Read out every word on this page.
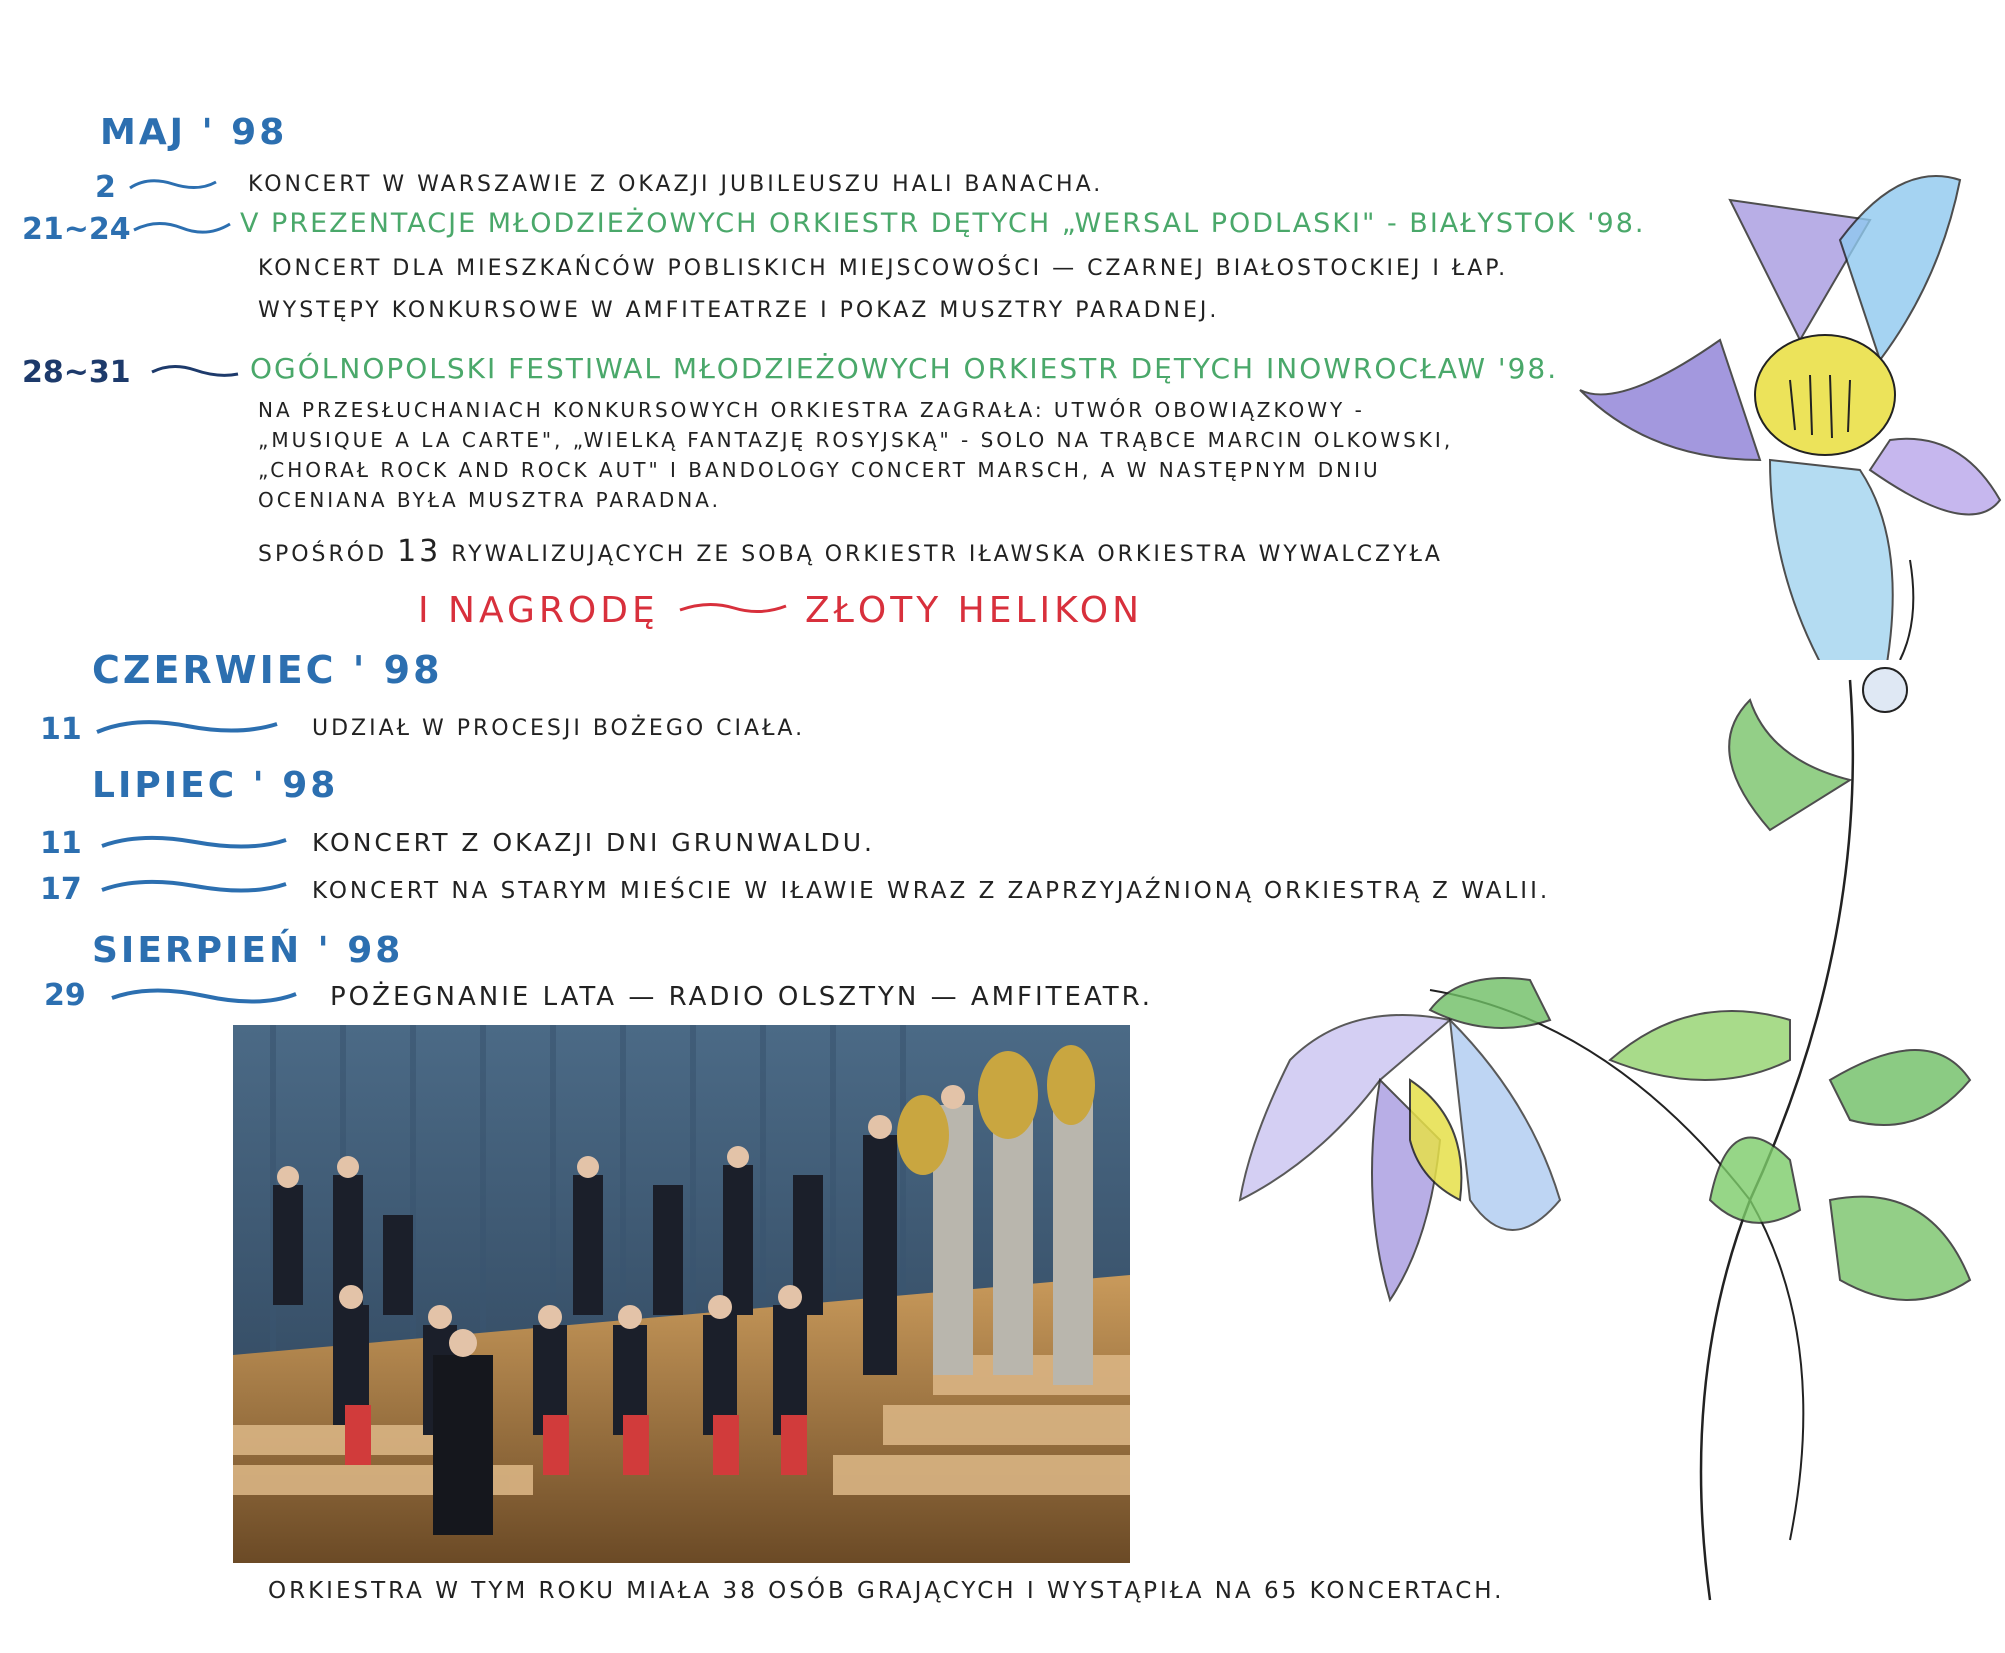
MAJ ' 98
2	KONCERT W WARSZAWIE Z OKAZJI JUBILEUSZU HALI BANACHA.
21~24	V PREZENTACJE MŁODZIEŻOWYCH ORKIESTR DĘTYCH „WERSAL PODLASKI" - BIAŁYSTOK '98.
KONCERT DLA MIESZKAŃCÓW POBLISKICH MIEJSCOWOŚCI — CZARNEJ BIAŁOSTOCKIEJ I ŁAP.
WYSTĘPY KONKURSOWE W AMFITEATRZE I POKAZ MUSZTRY PARADNEJ.
28~31	OGÓLNOPOLSKI FESTIWAL MŁODZIEŻOWYCH ORKIESTR DĘTYCH INOWROCŁAW '98.
NA PRZESŁUCHANIACH KONKURSOWYCH ORKIESTRA ZAGRAŁA: UTWÓR OBOWIĄZKOWY -
„MUSIQUE A LA CARTE", „WIELKĄ FANTAZJĘ ROSYJSKĄ" - SOLO NA TRĄBCE MARCIN OLKOWSKI,
„CHORAŁ ROCK AND ROCK AUT" I BANDOLOGY CONCERT MARSCH, A W NASTĘPNYM DNIU
OCENIANA BYŁA MUSZTRA PARADNA.
SPOŚRÓD 13 RYWALIZUJĄCYCH ZE SOBĄ ORKIESTR IŁAWSKA ORKIESTRA WYWALCZYŁA
I NAGRODĘ	ZŁOTY HELIKON
CZERWIEC ' 98
11	UDZIAŁ W PROCESJI BOŻEGO CIAŁA.
LIPIEC ' 98
11	KONCERT Z OKAZJI DNI GRUNWALDU.
17	KONCERT NA STARYM MIEŚCIE W IŁAWIE WRAZ Z ZAPRZYJAŹNIONĄ ORKIESTRĄ Z WALII.
SIERPIEŃ ' 98
29	POŻEGNANIE LATA — RADIO OLSZTYN — AMFITEATR.
ORKIESTRA W TYM ROKU MIAŁA 38 OSÓB GRAJĄCYCH I WYSTĄPIŁA NA 65 KONCERTACH.
